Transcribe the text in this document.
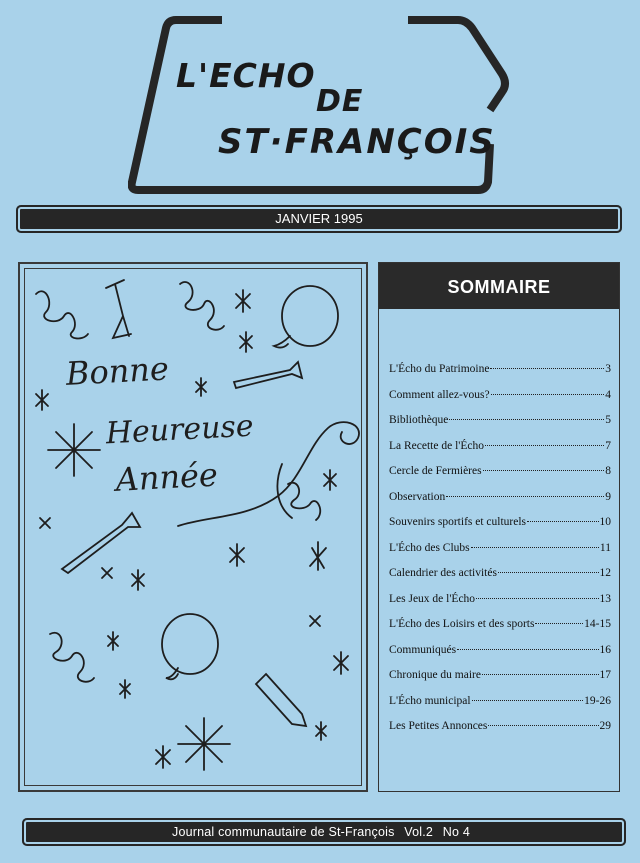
L'ECHO
DE
ST·FRANÇOIS
JANVIER 1995
Bonne
Heureuse
Année
SOMMAIRE
L'Écho du Patrimoine	3
Comment allez-vous?	4
Bibliothèque	5
La Recette de l'Écho	7
Cercle de Fermières	8
Observation	9
Souvenirs sportifs et culturels	10
L'Écho des Clubs	11
Calendrier des activités	12
Les Jeux de l'Écho	13
L'Écho des Loisirs et des sports	14-15
Communiqués	16
Chronique du maire	17
L'Écho municipal	19-26
Les Petites Annonces	29
Journal communautaire de St-François Vol.2 No 4
